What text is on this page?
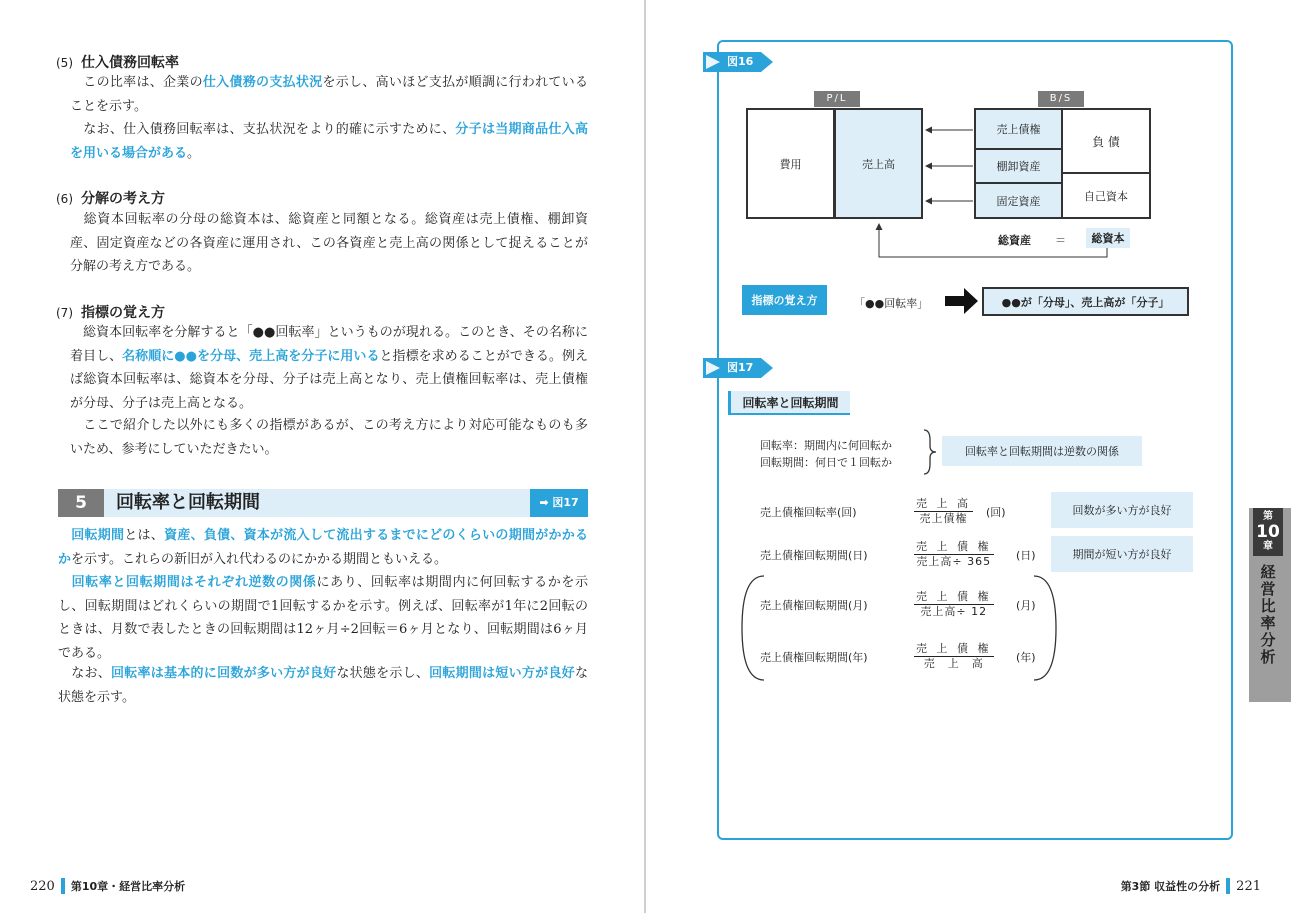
(5) 仕入債務回転率
　この比率は、企業の仕入債務の支払状況を示し、高いほど支払が順調に行われていることを示す。
　なお、仕入債務回転率は、支払状況をより的確に示すために、分子は当期商品仕入高を用いる場合がある。
(6) 分解の考え方
　総資本回転率の分母の総資本は、総資産と同額となる。総資産は売上債権、棚卸資産、固定資産などの各資産に運用され、この各資産と売上高の関係として捉えることが分解の考え方である。
(7) 指標の覚え方
　総資本回転率を分解すると「●●回転率」というものが現れる。このとき、その名称に着目し、名称順に●●を分母、売上高を分子に用いると指標を求めることができる。例えば総資本回転率は、総資本を分母、分子は売上高となり、売上債権回転率は、売上債権が分母、分子は売上高となる。
　ここで紹介した以外にも多くの指標があるが、この考え方により対応可能なものも多いため、参考にしていただきたい。
5	回転率と回転期間	➡ 図17
　回転期間とは、資産、負債、資本が流入して流出するまでにどのくらいの期間がかかるかを示す。これらの新旧が入れ代わるのにかかる期間ともいえる。
　回転率と回転期間はそれぞれ逆数の関係にあり、回転率は期間内に何回転するかを示し、回転期間はどれくらいの期間で1回転するかを示す。例えば、回転率が1年に2回転のときは、月数で表したときの回転期間は12ヶ月÷2回転＝6ヶ月となり、回転期間は6ヶ月である。
　なお、回転率は基本的に回数が多い方が良好な状態を示し、回転期間は短い方が良好な状態を示す。
220 第10章・経営比率分析
図16
P/L	B/S
費用	売上高
売上債権
棚卸資産
固定資産
負 債
自己資本
総資産 ＝	総資本
指標の覚え方	「●●回転率」	●●が「分母」、売上高が「分子」
図17
回転率と回転期間
回転率：期間内に何回転か
回転期間：何日で１回転か
回転率と回転期間は逆数の関係
売上債権回転率(回)
売 上 高
売上債権	(回)	回数が多い方が良好
売上債権回転期間(日)
売 上 債 権
売上高÷ 365 (日)	期間が短い方が良好
売上債権回転期間(月)
売 上 債 権
売上高÷ 12	(月)
売上債権回転期間(年)
売 上 債 権
売　上　高	(年)
第
10
章
経
営
比
率
分
析
第3節 収益性の分析 221
